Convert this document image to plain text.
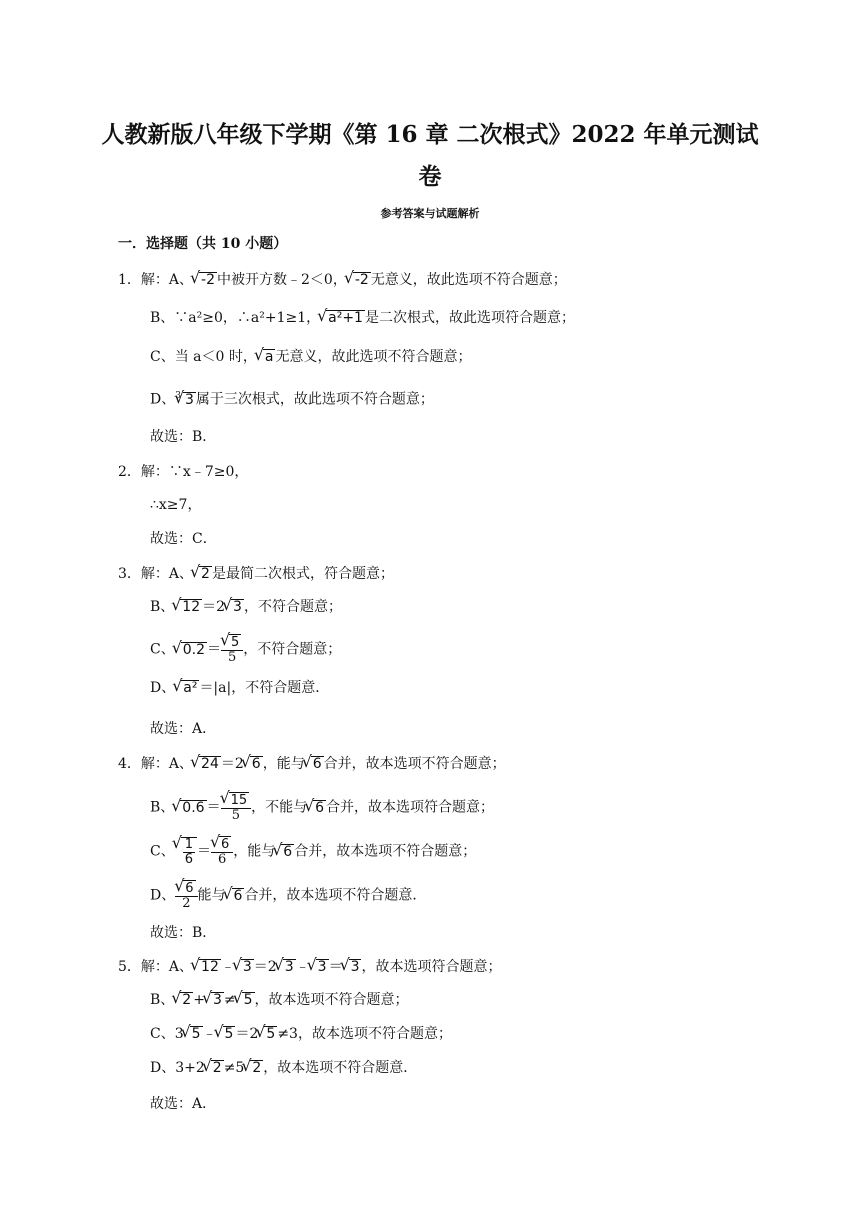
人教新版八年级下学期《第 16 章 二次根式》2022 年单元测试
卷
参考答案与试题解析
一．选择题（共 10 小题）
1．解：A、 √ -2 中被开方数﹣2＜0， √ -2 无意义，故此选项不符合题意；
B、∵a²≥0，∴a²+1≥1， √ a²+1 是二次根式，故此选项符合题意；
C、当 a＜0 时， √ a 无意义，故此选项不符合题意；
D、$^3$ √ 3 属于三次根式，故此选项不符合题意；
故选：B．
2．解：∵x﹣7≥0，
∴x≥7，
故选：C．
3．解：A、 √ 2 是最简二次根式，符合题意；
B、 √ 12 ＝2 √ 3 ，不符合题意；
C、 √ 0.2 ＝ √ $\frac{5}{5}$ ，不符合题意；
D、 √ a² ＝|a|，不符合题意．
故选：A．
4．解：A、 √ 24 ＝2 √ 6 ，能与 √ 6 合并，故本选项不符合题意；
B、 √ 0.6 ＝ √ $\frac{15}{5}$ ，不能与 √ 6 合并，故本选项符合题意；
C、 √ $\frac{1}{6}$ ＝ √ $\frac{6}{6}$ ，能与 √ 6 合并，故本选项不符合题意；
D、 √ $\frac{6}{2}$ 能与 √ 6 合并，故本选项不符合题意．
故选：B．
5．解：A、 √ 12 ﹣ √ 3 ＝2 √ 3 ﹣ √ 3 ＝ √ 3 ，故本选项符合题意；
B、 √ 2 + √ 3 ≠ √ 5 ，故本选项不符合题意；
C、3 √ 5 ﹣ √ 5 ＝2 √ 5 ≠3，故本选项不符合题意；
D、3+2 √ 2 ≠5 √ 2 ，故本选项不符合题意．
故选：A．
